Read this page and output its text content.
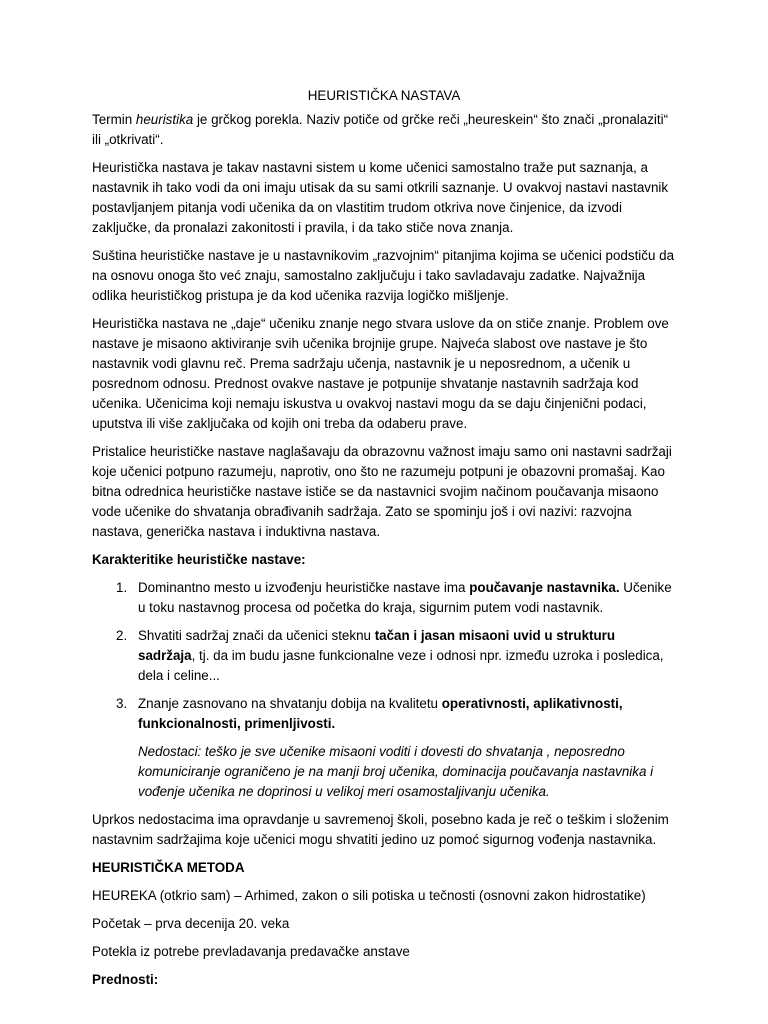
HEURISTIČKA NASTAVA

Termin heuristika je grčkog porekla. Naziv potiče od grčke reči „heureskein“ što znači „pronalaziti“ ili „otkrivati“.

Heuristička nastava je takav nastavni sistem u kome učenici samostalno traže put saznanja, a nastavnik ih tako vodi da oni imaju utisak da su sami otkrili saznanje. U ovakvoj nastavi nastavnik postavljanjem pitanja vodi učenika da on vlastitim trudom otkriva nove činjenice, da izvodi zaključke, da pronalazi zakonitosti i pravila, i da tako stiče nova znanja.

Suština heurističke nastave je u nastavnikovim „razvojnim“ pitanjima kojima se učenici podstiču da na osnovu onoga što već znaju, samostalno zaključuju i tako savladavaju zadatke. Najvažnija odlika heurističkog pristupa je da kod učenika razvija logičko mišljenje.

Heuristička nastava ne „daje“ učeniku znanje nego stvara uslove da on stiče znanje. Problem ove nastave je misaono aktiviranje svih učenika brojnije grupe. Najveća slabost ove nastave je što nastavnik vodi glavnu reč. Prema sadržaju učenja, nastavnik je u neposrednom, a učenik u posrednom odnosu. Prednost ovakve nastave je potpunije shvatanje nastavnih sadržaja kod učenika. Učenicima koji nemaju iskustva u ovakvoj nastavi mogu da se daju činjenični podaci, uputstva ili više zaključaka od kojih oni treba da odaberu prave.

Pristalice heurističke nastave naglašavaju da obrazovnu važnost imaju samo oni nastavni sadržaji koje učenici potpuno razumeju, naprotiv, ono što ne razumeju potpuni je obazovni promašaj. Kao bitna odrednica heurističke nastave ističe se da nastavnici svojim načinom poučavanja misaono vode učenike do shvatanja obrađivanih sadržaja. Zato se spominju još i ovi nazivi: razvojna nastava, generička nastava i induktivna nastava.

Karakteritike heurističke nastave:
1. Dominantno mesto u izvođenju heurističke nastave ima poučavanje nastavnika. Učenike u toku nastavnog procesa od početka do kraja, sigurnim putem vodi nastavnik.
2. Shvatiti sadržaj znači da učenici steknu tačan i jasan misaoni uvid u strukturu sadržaja, tj. da im budu jasne funkcionalne veze i odnosi npr. između uzroka i posledica, dela i celine...
3. Znanje zasnovano na shvatanju dobija na kvalitetu operativnosti, aplikativnosti, funkcionalnosti, primenljivosti.
Nedostaci: teško je sve učenike misaoni voditi i dovesti do shvatanja , neposredno komuniciranje ograničeno je na manji broj učenika, dominacija poučavanja nastavnika i vođenje učenika ne doprinosi u velikoj meri osamostaljivanju učenika.

Uprkos nedostacima ima opravdanje u savremenoj školi, posebno kada je reč o teškim i složenim nastavnim sadržajima koje učenici mogu shvatiti jedino uz pomoć sigurnog vođenja nastavnika.

HEURISTIČKA METODA

HEUREKA (otkrio sam) – Arhimed, zakon o sili potiska u tečnosti (osnovni zakon hidrostatike)

Početak – prva decenija 20. veka

Potekla iz potrebe prevladavanja predavačke anstave

Prednosti:
